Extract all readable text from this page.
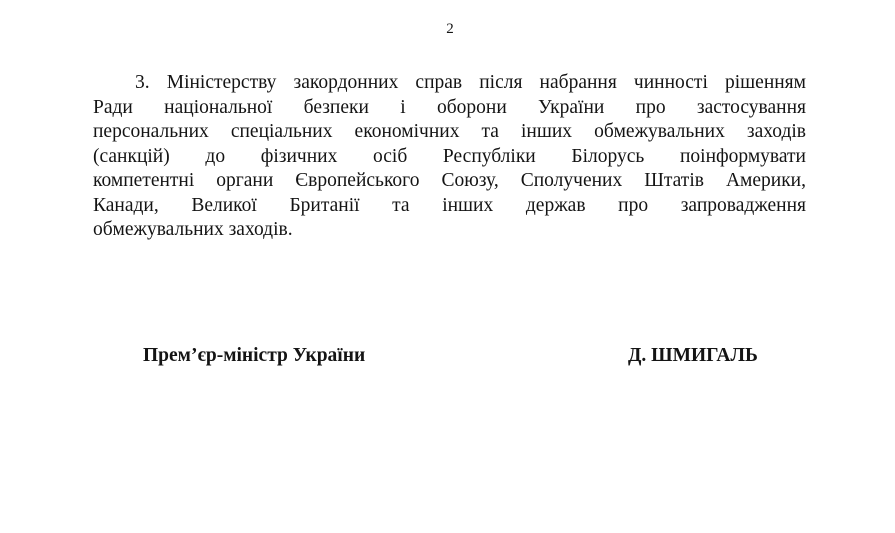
2

3. Міністерству закордонних справ після набрання чинності рішенням
Ради національної безпеки і оборони України про застосування
персональних спеціальних економічних та інших обмежувальних заходів
(санкцій) до фізичних осіб Республіки Білорусь поінформувати
компетентні органи Європейського Союзу, Сполучених Штатів Америки,
Канади, Великої Британії та інших держав про запровадження
обмежувальних заходів.

Прем’єр-міністр України	Д. ШМИГАЛЬ
